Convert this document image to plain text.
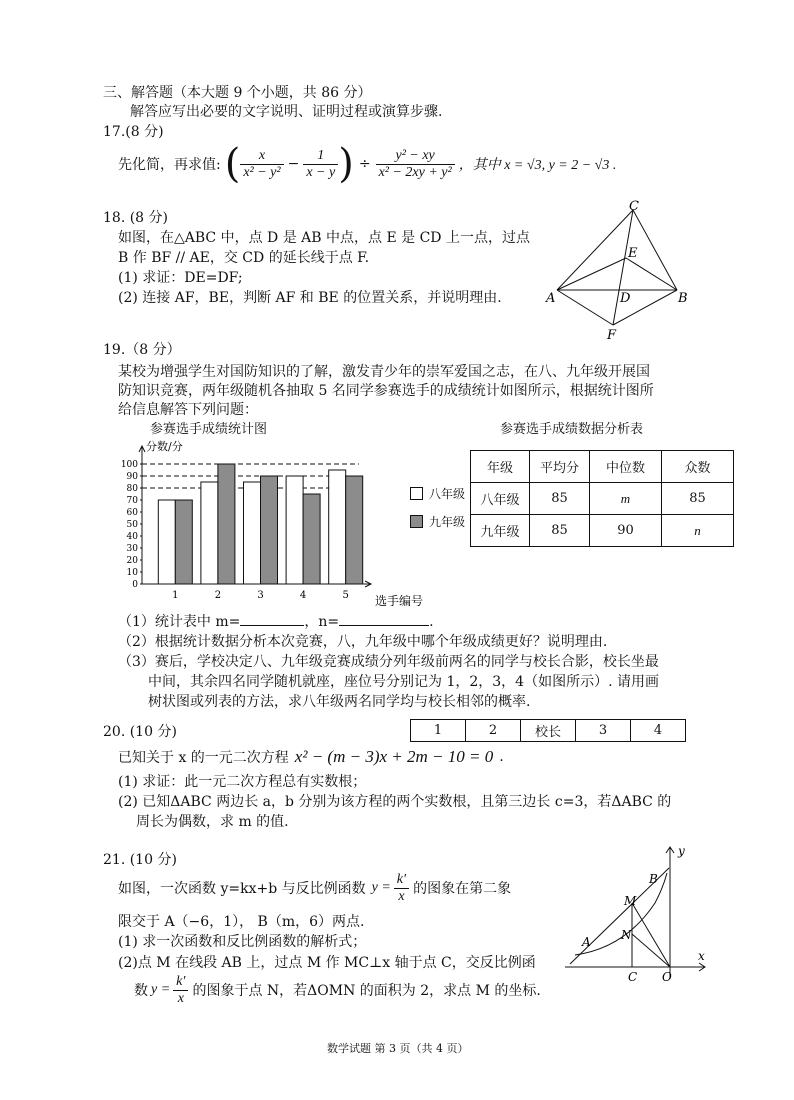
三、解答题（本大题 9 个小题，共 86 分）
解答应写出必要的文字说明、证明过程或演算步骤.
17.(8 分)
先化简，再求值: ( $\frac{x}{\text{x² − y²}} - \frac{1}{x - y}$ ) ÷ $\frac{\text{y² − xy}}{\text{x² − 2xy + y²}}$ ，其中 x = √3, y = 2 − √3 .
18. (8 分)
如图，在△ABC 中，点 D 是 AB 中点，点 E 是 CD 上一点，过点
B 作 BF // AE，交 CD 的延长线于点 F.
(1) 求证：DE=DF;
(2) 连接 AF，BE，判断 AF 和 BE 的位置关系，并说明理由.
C
E
A	D	B
F
19.（8 分）
某校为增强学生对国防知识的了解，激发青少年的崇军爱国之志，在八、九年级开展国
防知识竞赛，两年级随机各抽取 5 名同学参赛选手的成绩统计如图所示，根据统计图所
给信息解答下列问题：
参赛选手成绩统计图	参赛选手成绩数据分析表
分数/分
选手编号
0
10
20
30
40
50
60
70
80
90
100
1	2	3	4	5
八年级
九年级
年级	平均分	中位数	众数
八年级	85	m	85
九年级	85	90	n
（1）统计表中 m=	，n=	.
（2）根据统计数据分析本次竞赛，八，九年级中哪个年级成绩更好？说明理由.
（3）赛后，学校决定八、九年级竞赛成绩分列年级前两名的同学与校长合影，校长坐最
中间，其余四名同学随机就座，座位号分别记为 1，2，3，4（如图所示）. 请用画
树状图或列表的方法，求八年级两名同学均与校长相邻的概率.
20. (10 分)	1	2	校长	3	4
已知关于 x 的一元二次方程 x² − (m − 3)x + 2m − 10 = 0 .
(1) 求证：此一元二次方程总有实数根；
(2) 已知ΔABC 两边长 a，b 分别为该方程的两个实数根，且第三边长 c=3，若ΔABC 的
周长为偶数，求 m 的值.
21. (10 分)
如图，一次函数 y=kx+b 与反比例函数 $y = \frac{k'}{x}$ 的图象在第二象
限交于 A（−6，1）， B（m，6）两点.
(1) 求一次函数和反比例函数的解析式；
(2)点 M 在线段 AB 上，过点 M 作 MC⊥x 轴于点 C，交反比例函
数 $y = \frac{k'}{x}$ 的图象于点 N，若ΔOMN 的面积为 2，求点 M 的坐标.
y
B
M
N
A
x
C O
数学试题 第 3 页（共 4 页）
